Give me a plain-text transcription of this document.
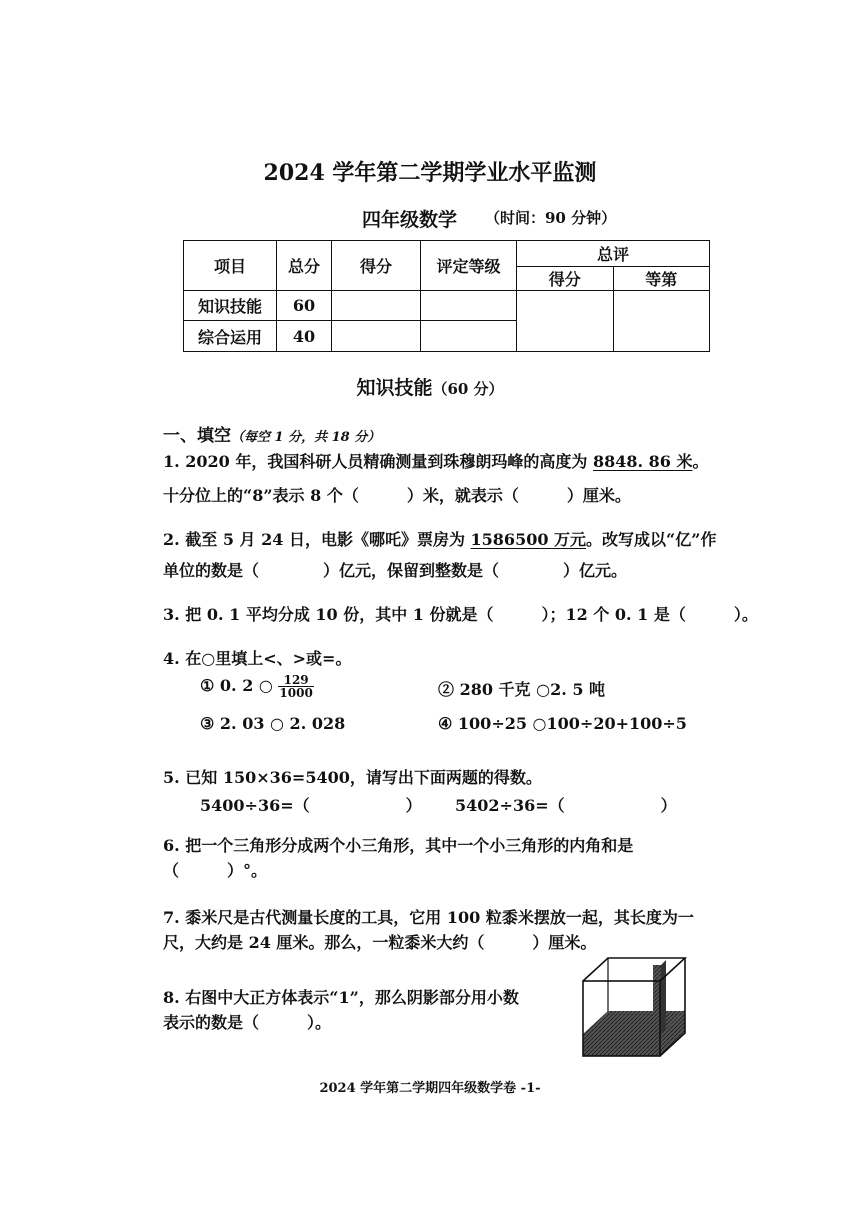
2024 学年第二学期学业水平监测
四年级数学 （时间：90 分钟）
项目	总分	得分	评定等级	总评	
				得分	等第
知识技能	60				
综合运用	40				
知识技能（60 分）
一、填空（每空 1 分，共 18 分）
1. 2020 年，我国科研人员精确测量到珠穆朗玛峰的高度为 8848. 86 米。
十分位上的“8”表示 8 个（　　　）米，就表示（　　　）厘米。
2. 截至 5 月 24 日，电影《哪吒》票房为 1586500 万元。改写成以“亿”作
单位的数是（　　　　）亿元，保留到整数是（　　　　）亿元。
3. 把 0. 1 平均分成 10 份，其中 1 份就是（　　　）；12 个 0. 1 是（　　　）。
4. 在○里填上<、>或=。
① 0. 2 ○ $\frac{129}{1000}$	② 280 千克 ○2. 5 吨
③ 2. 03 ○ 2. 028	④ 100÷25 ○100÷20+100÷5
5. 已知 150×36=5400，请写出下面两题的得数。
5400÷36=（　　　　　　） 5402÷36=（　　　　　　）
6. 把一个三角形分成两个小三角形，其中一个小三角形的内角和是
（　　　）°。
7. 黍米尺是古代测量长度的工具，它用 100 粒黍米摆放一起，其长度为一
尺，大约是 24 厘米。那么，一粒黍米大约（　　　）厘米。
8. 右图中大正方体表示“1”，那么阴影部分用小数
表示的数是（　　　）。
2024 学年第二学期四年级数学卷 -1-
